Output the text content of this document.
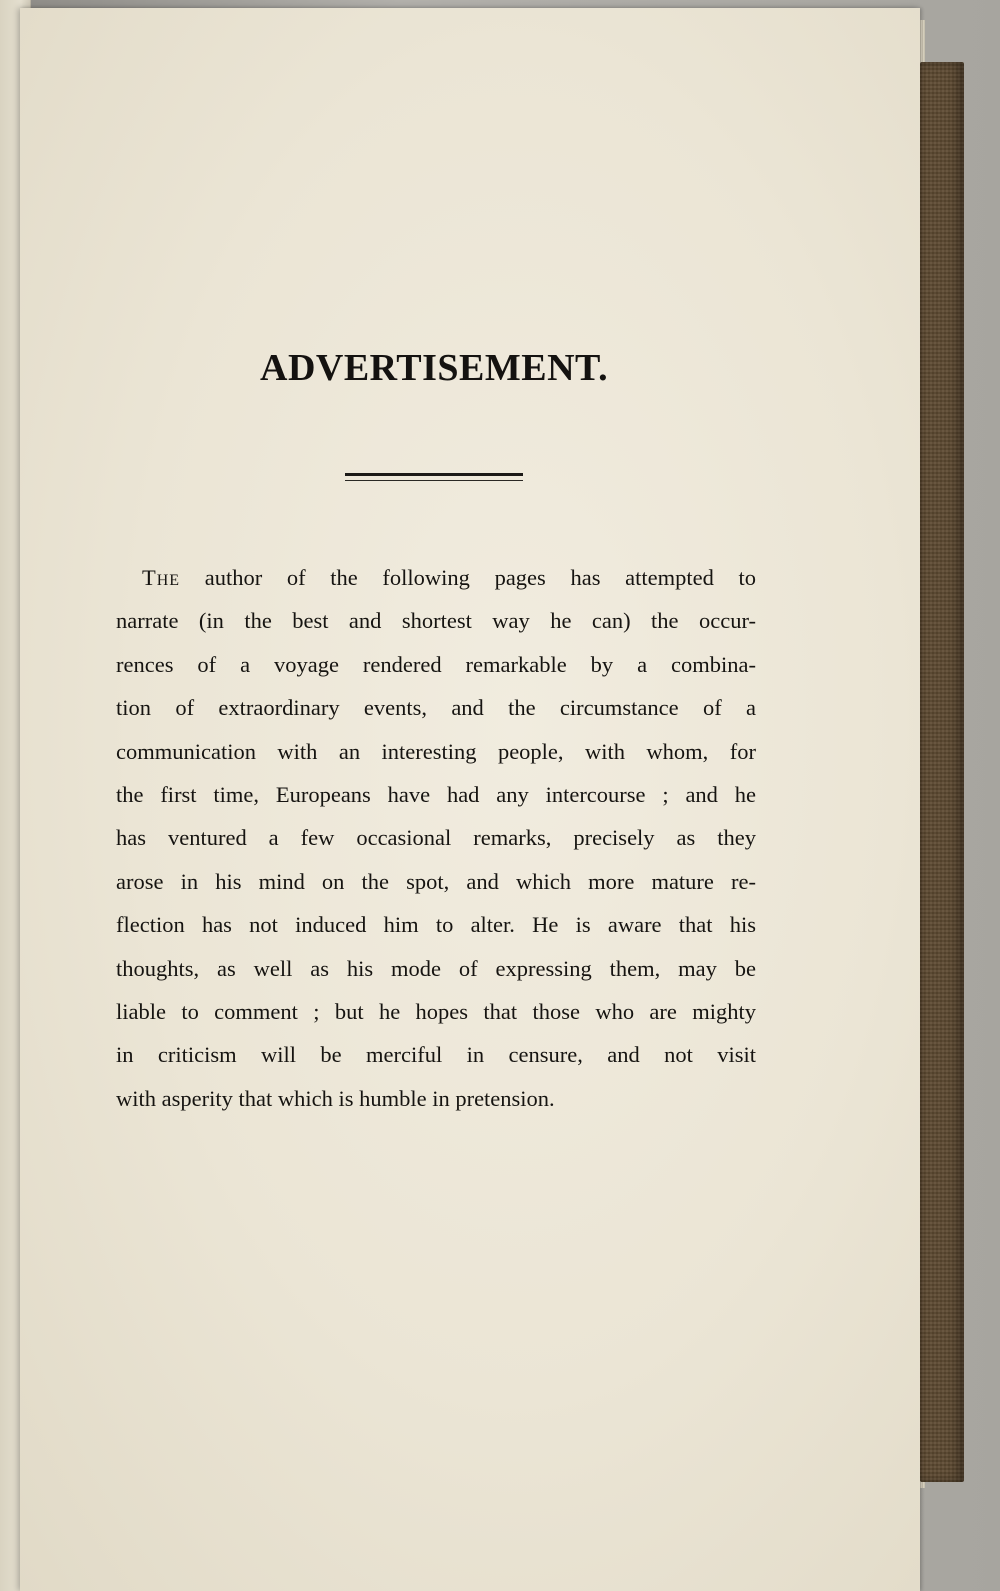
ADVERTISEMENT.
The author of the following pages has attempted to
narrate (in the best and shortest way he can) the occur-
rences of a voyage rendered remarkable by a combina-
tion of extraordinary events, and the circumstance of a
communication with an interesting people, with whom, for
the first time, Europeans have had any intercourse ; and he
has ventured a few occasional remarks, precisely as they
arose in his mind on the spot, and which more mature re-
flection has not induced him to alter. He is aware that his
thoughts, as well as his mode of expressing them, may be
liable to comment ; but he hopes that those who are mighty
in criticism will be merciful in censure, and not visit
with asperity that which is humble in pretension.
